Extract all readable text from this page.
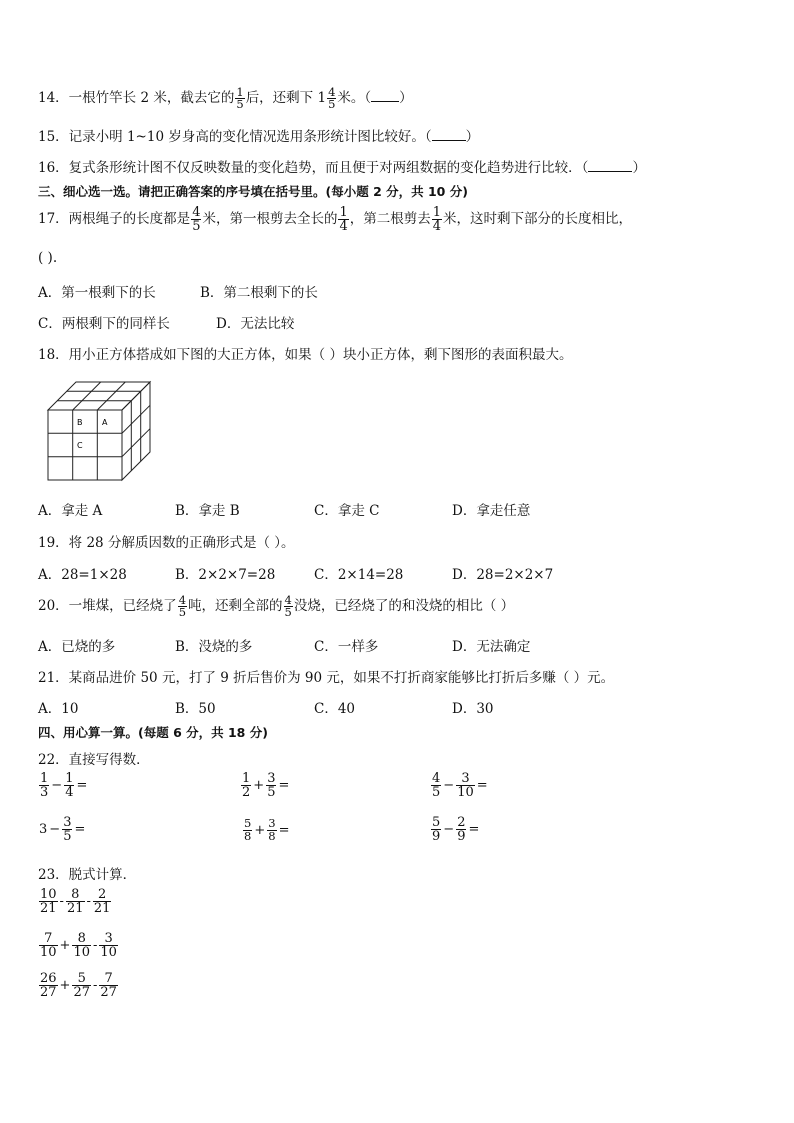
14．一根竹竿长 2 米，截去它的 $\frac{1}{5}$ 后，还剩下 $1 \frac{4}{5}$ 米。（ ）
15．记录小明 1~10 岁身高的变化情况选用条形统计图比较好。（	）
16．复式条形统计图不仅反映数量的变化趋势，而且便于对两组数据的变化趋势进行比较．（	）
三、细心选一选。请把正确答案的序号填在括号里。(每小题 2 分，共 10 分)
17．两根绳子的长度都是 $\frac{4}{5}$ 米，第一根剪去全长的 $\frac{1}{4}$ ，第二根剪去 $\frac{1}{4}$ 米，这时剩下部分的长度相比，
( ).
A．第一根剩下的长	B．第二根剩下的长
C．两根剩下的同样长	D．无法比较
18．用小正方体搭成如下图的大正方体，如果（ ）块小正方体，剩下图形的表面积最大。
B A
C
A．拿走 A	B．拿走 B	C．拿走 C	D．拿走任意
19．将 28 分解质因数的正确形式是（ ）。
A．28=1×28	B．2×2×7=28	C．2×14=28	D．28=2×2×7
20．一堆煤，已经烧了 $\frac{4}{5}$ 吨，还剩全部的 $\frac{4}{5}$ 没烧，已经烧了的和没烧的相比（ ）
A．已烧的多	B．没烧的多	C．一样多	D．无法确定
21．某商品进价 50 元，打了 9 折后售价为 90 元，如果不打折商家能够比打折后多赚（ ）元。
A．10	B．50	C．40	D．30
四、用心算一算。(每题 6 分，共 18 分)
22．直接写得数．
$\frac{1}{3} - \frac{1}{4}$ =	$\frac{1}{2} + \frac{3}{5}$ =	$\frac{4}{5} - \frac{3}{10}$ =
$3 - \frac{3}{5}$ =	$\frac{5}{8} + \frac{3}{8}$ =	$\frac{5}{9} - \frac{2}{9}$ =
23．脱式计算．
$\frac{10}{21} - \frac{8}{21} - \frac{2}{21}$
$\frac{7}{10} + \frac{8}{10} - \frac{3}{10}$
$\frac{26}{27} + \frac{5}{27} - \frac{7}{27}$
